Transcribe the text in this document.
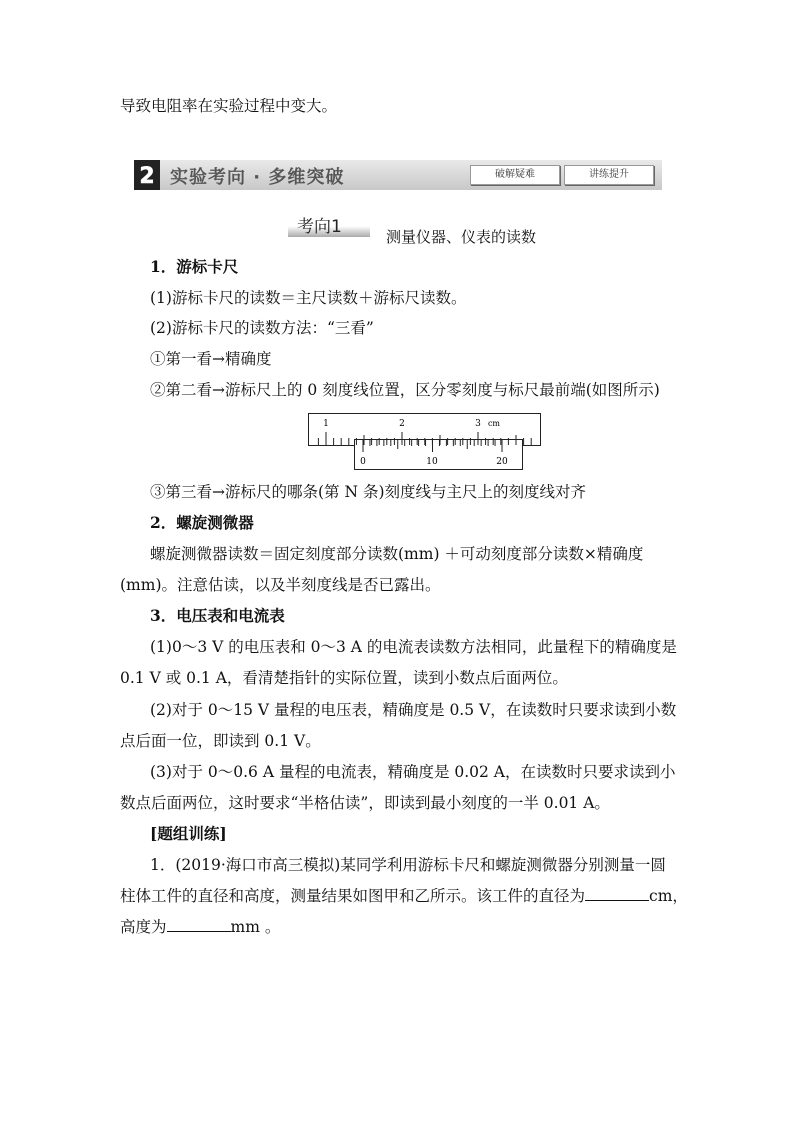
导致电阻率在实验过程中变大。
2 实验考向 · 多维突破	破解疑难	讲练提升
考向1	测量仪器、仪表的读数
1．游标卡尺
(1)游标卡尺的读数＝主尺读数＋游标尺读数。
(2)游标卡尺的读数方法：“三看”
①第一看→精确度
②第二看→游标尺上的 0 刻度线位置，区分零刻度与标尺最前端(如图所示)
1	2	3 cm
0	10	20
③第三看→游标尺的哪条(第 N 条)刻度线与主尺上的刻度线对齐
2．螺旋测微器
螺旋测微器读数＝固定刻度部分读数(mm) ＋可动刻度部分读数×精确度
(mm)。注意估读，以及半刻度线是否已露出。
3．电压表和电流表
(1)0～3 V 的电压表和 0～3 A 的电流表读数方法相同，此量程下的精确度是
0.1 V 或 0.1 A，看清楚指针的实际位置，读到小数点后面两位。
(2)对于 0～15 V 量程的电压表，精确度是 0.5 V，在读数时只要求读到小数
点后面一位，即读到 0.1 V。
(3)对于 0～0.6 A 量程的电流表，精确度是 0.02 A，在读数时只要求读到小
数点后面两位，这时要求“半格估读”，即读到最小刻度的一半 0.01 A。
[题组训练]
1．(2019·海口市高三模拟)某同学利用游标卡尺和螺旋测微器分别测量一圆
柱体工件的直径和高度，测量结果如图甲和乙所示。该工件的直径为	cm，
高度为	mm 。
